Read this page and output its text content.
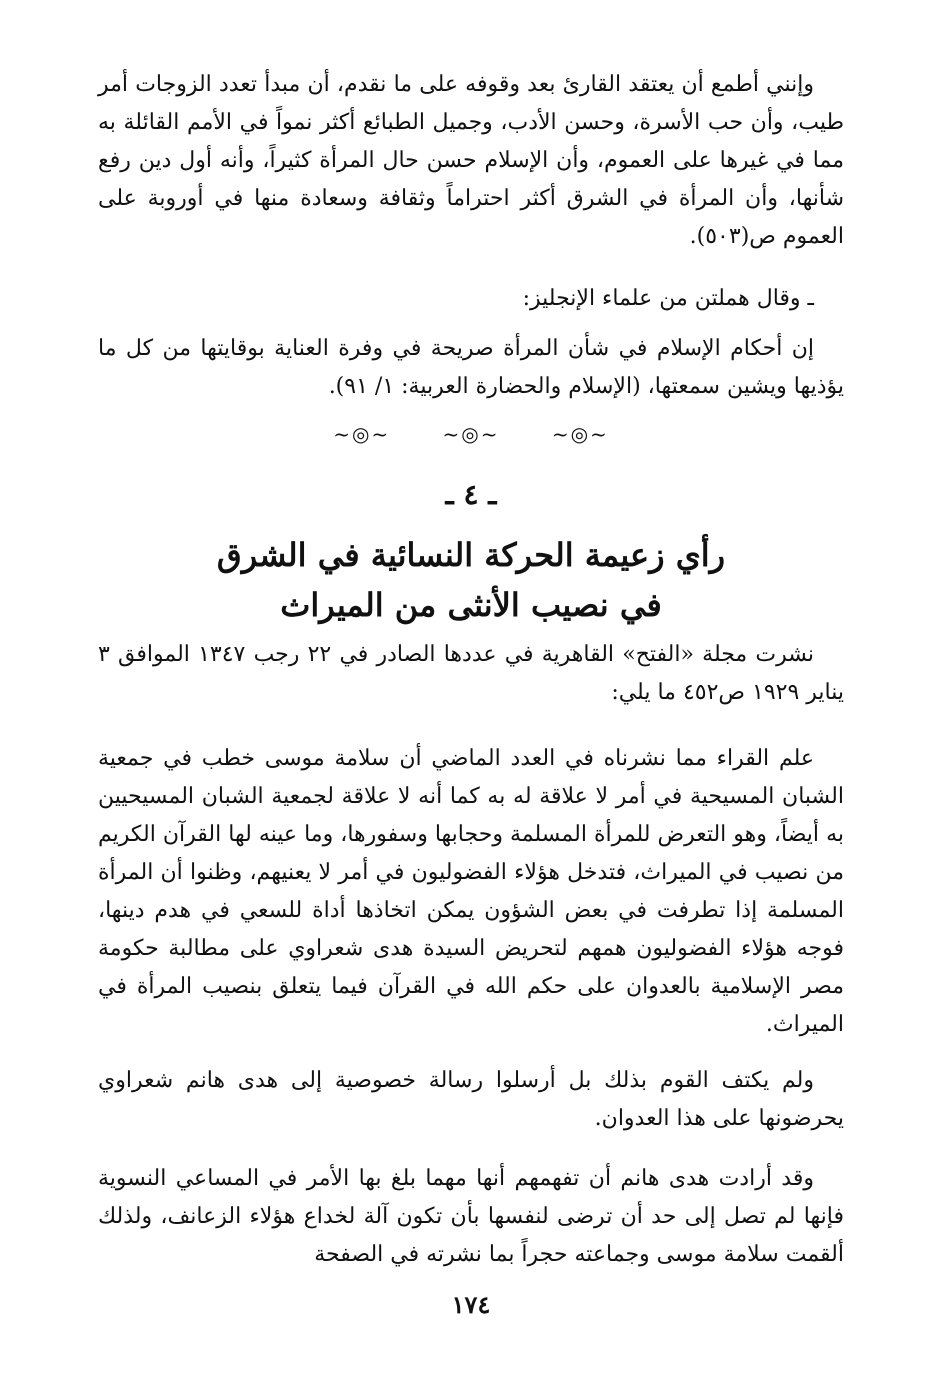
وإنني أطمع أن يعتقد القارئ بعد وقوفه على ما نقدم، أن مبدأ تعدد الزوجات أمر طيب، وأن حب الأسرة، وحسن الأدب، وجميل الطبائع أكثر نمواً في الأمم القائلة به مما في غيرها على العموم، وأن الإسلام حسن حال المرأة كثيراً، وأنه أول دين رفع شأنها، وأن المرأة في الشرق أكثر احتراماً وثقافة وسعادة منها في أوروبة على العموم ص(٥٠٣).

ـ وقال هملتن من علماء الإنجليز:

إن أحكام الإسلام في شأن المرأة صريحة في وفرة العناية بوقايتها من كل ما يؤذيها ويشين سمعتها، (الإسلام والحضارة العربية: ١/ ٩١).

~◎~	~◎~	~◎~
ـ ٤ ـ
رأي زعيمة الحركة النسائية في الشرق
في نصيب الأنثى من الميراث

نشرت مجلة «الفتح» القاهرية في عددها الصادر في ٢٢ رجب ١٣٤٧ الموافق ٣ يناير ١٩٢٩ ص٤٥٢ ما يلي:

علم القراء مما نشرناه في العدد الماضي أن سلامة موسى خطب في جمعية الشبان المسيحية في أمر لا علاقة له به كما أنه لا علاقة لجمعية الشبان المسيحيين به أيضاً، وهو التعرض للمرأة المسلمة وحجابها وسفورها، وما عينه لها القرآن الكريم من نصيب في الميراث، فتدخل هؤلاء الفضوليون في أمر لا يعنيهم، وظنوا أن المرأة المسلمة إذا تطرفت في بعض الشؤون يمكن اتخاذها أداة للسعي في هدم دينها، فوجه هؤلاء الفضوليون همهم لتحريض السيدة هدى شعراوي على مطالبة حكومة مصر الإسلامية بالعدوان على حكم الله في القرآن فيما يتعلق بنصيب المرأة في الميراث.

ولم يكتف القوم بذلك بل أرسلوا رسالة خصوصية إلى هدى هانم شعراوي يحرضونها على هذا العدوان.

وقد أرادت هدى هانم أن تفهمهم أنها مهما بلغ بها الأمر في المساعي النسوية فإنها لم تصل إلى حد أن ترضى لنفسها بأن تكون آلة لخداع هؤلاء الزعانف، ولذلك ألقمت سلامة موسى وجماعته حجراً بما نشرته في الصفحة

١٧٤
